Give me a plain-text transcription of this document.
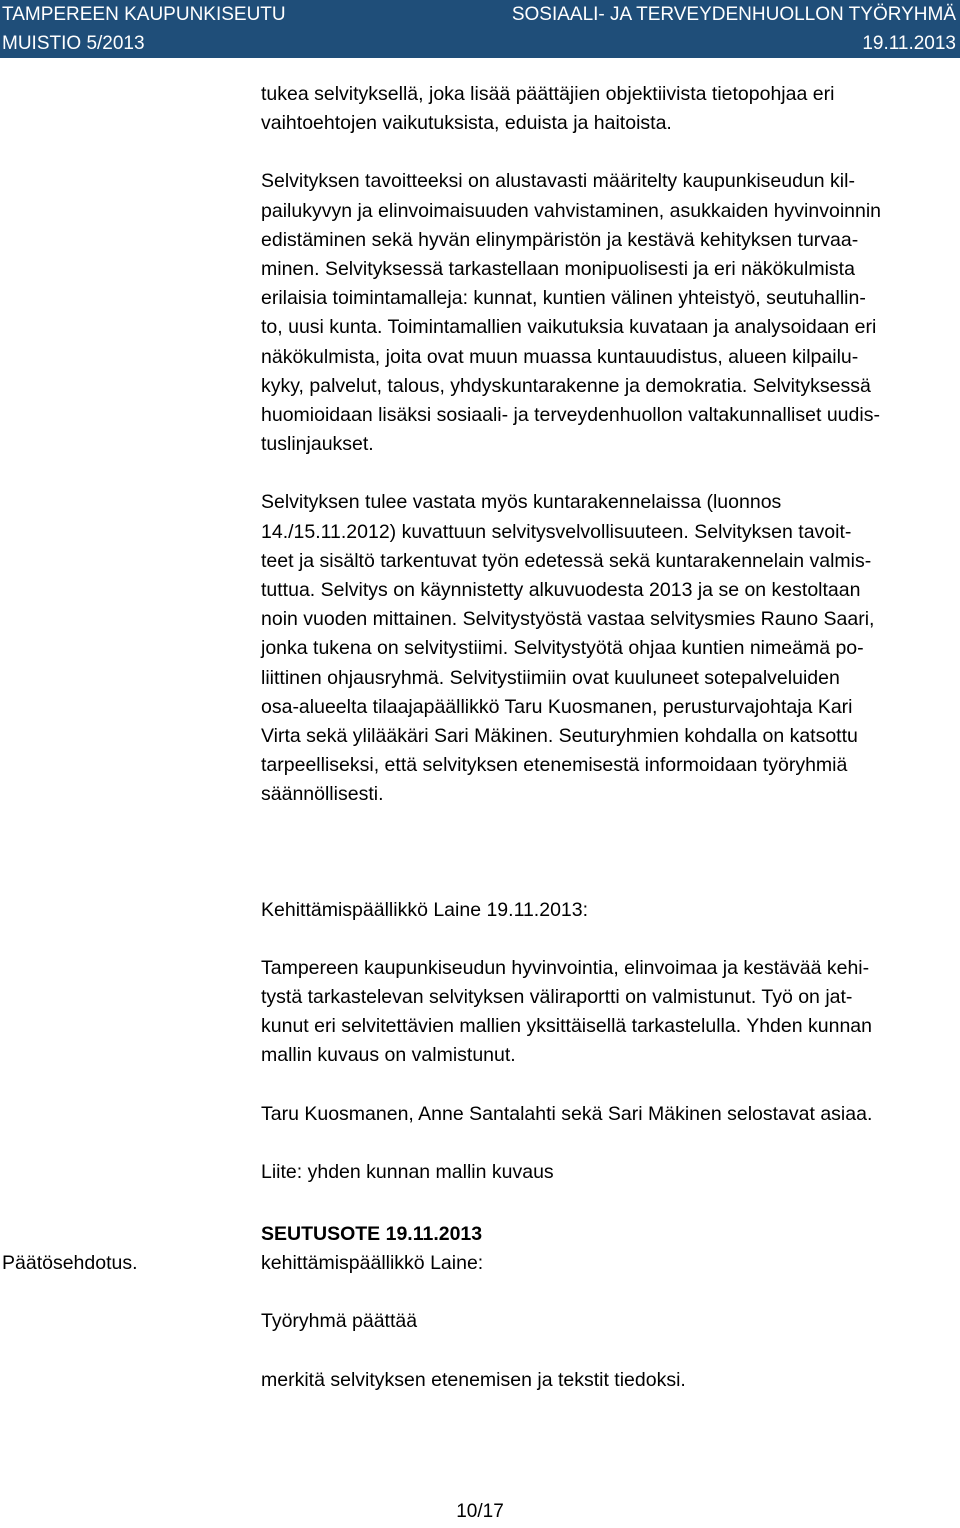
TAMPEREEN KAUPUNKISEUTU	SOSIAALI- JA TERVEYDENHUOLLON TYÖRYHMÄ
MUISTIO 5/2013	19.11.2013

tukea selvityksellä, joka lisää päättäjien objektiivista tietopohjaa eri
vaihtoehtojen vaikutuksista, eduista ja haitoista.

Selvityksen tavoitteeksi on alustavasti määritelty kaupunkiseudun kil-
pailukyvyn ja elinvoimaisuuden vahvistaminen, asukkaiden hyvinvoinnin
edistäminen sekä hyvän elinympäristön ja kestävä kehityksen turvaa-
minen. Selvityksessä tarkastellaan monipuolisesti ja eri näkökulmista
erilaisia toimintamalleja: kunnat, kuntien välinen yhteistyö, seutuhallin-
to, uusi kunta. Toimintamallien vaikutuksia kuvataan ja analysoidaan eri
näkökulmista, joita ovat muun muassa kuntauudistus, alueen kilpailu-
kyky, palvelut, talous, yhdyskuntarakenne ja demokratia. Selvityksessä
huomioidaan lisäksi sosiaali- ja terveydenhuollon valtakunnalliset uudis-
tuslinjaukset.

Selvityksen tulee vastata myös kuntarakennelaissa (luonnos
14./15.11.2012) kuvattuun selvitysvelvollisuuteen. Selvityksen tavoit-
teet ja sisältö tarkentuvat työn edetessä sekä kuntarakennelain valmis-
tuttua. Selvitys on käynnistetty alkuvuodesta 2013 ja se on kestoltaan
noin vuoden mittainen. Selvitystyöstä vastaa selvitysmies Rauno Saari,
jonka tukena on selvitystiimi. Selvitystyötä ohjaa kuntien nimeämä po-
liittinen ohjausryhmä. Selvitystiimiin ovat kuuluneet sotepalveluiden
osa-alueelta tilaajapäällikkö Taru Kuosmanen, perusturvajohtaja Kari
Virta sekä ylilääkäri Sari Mäkinen. Seuturyhmien kohdalla on katsottu
tarpeelliseksi, että selvityksen etenemisestä informoidaan työryhmiä
säännöllisesti.

Kehittämispäällikkö Laine 19.11.2013:

Tampereen kaupunkiseudun hyvinvointia, elinvoimaa ja kestävää kehi-
tystä tarkastelevan selvityksen väliraportti on valmistunut. Työ on jat-
kunut eri selvitettävien mallien yksittäisellä tarkastelulla. Yhden kunnan
mallin kuvaus on valmistunut.

Taru Kuosmanen, Anne Santalahti sekä Sari Mäkinen selostavat asiaa.

Liite: yhden kunnan mallin kuvaus

Päätösehdotus.

SEUTUSOTE 19.11.2013

kehittämispäällikkö Laine:

Työryhmä päättää

merkitä selvityksen etenemisen ja tekstit tiedoksi.

10/17
